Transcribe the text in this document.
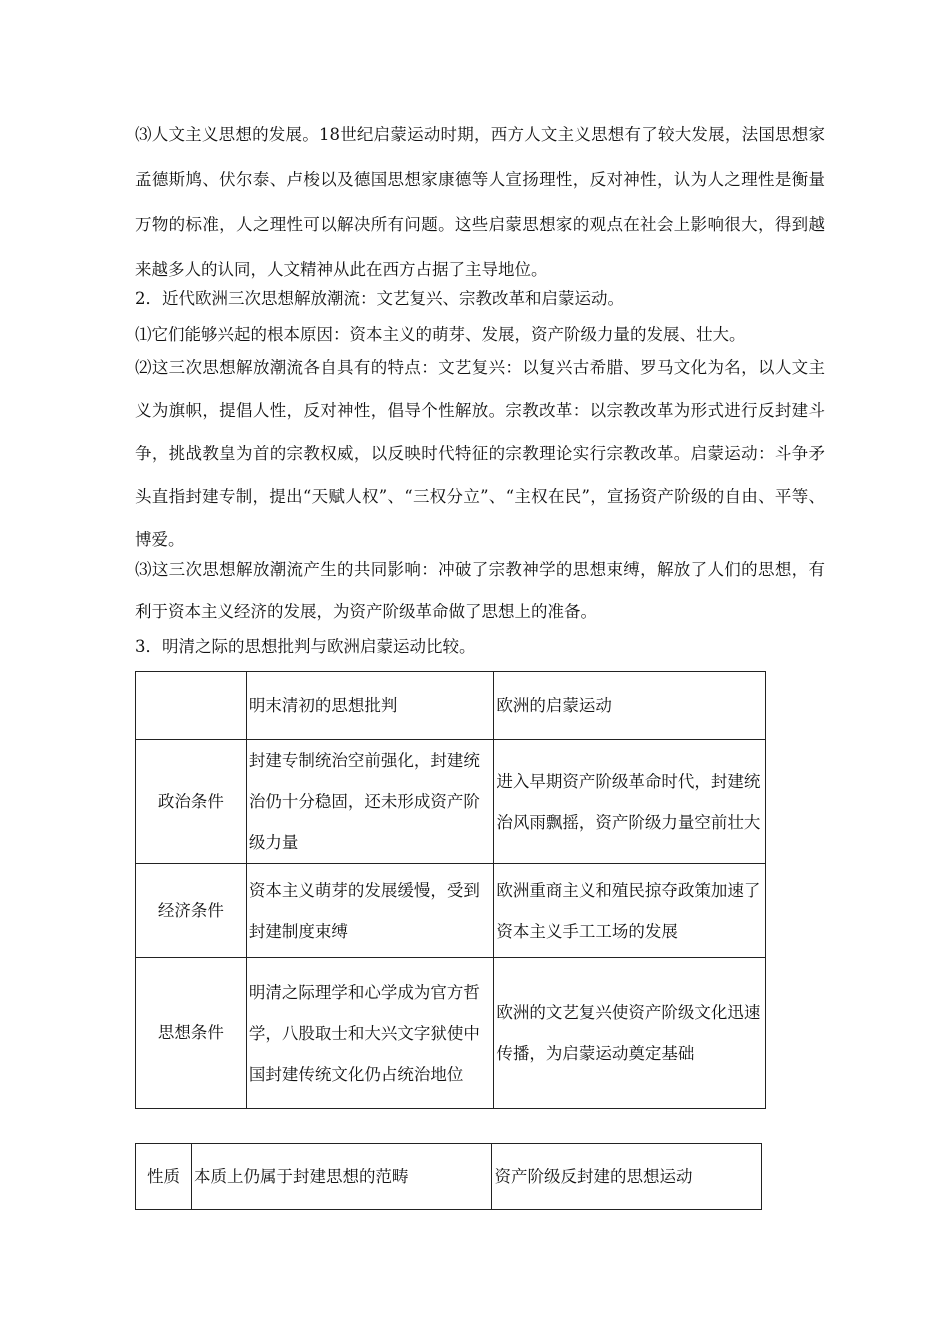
⑶人文主义思想的发展。18世纪启蒙运动时期，西方人文主义思想有了较大发展，法国思想家孟德斯鸠、伏尔泰、卢梭以及德国思想家康德等人宣扬理性，反对神性，认为人之理性是衡量万物的标准，人之理性可以解决所有问题。这些启蒙思想家的观点在社会上影响很大，得到越来越多人的认同，人文精神从此在西方占据了主导地位。

2．近代欧洲三次思想解放潮流：文艺复兴、宗教改革和启蒙运动。

⑴它们能够兴起的根本原因：资本主义的萌芽、发展，资产阶级力量的发展、壮大。

⑵这三次思想解放潮流各自具有的特点：文艺复兴：以复兴古希腊、罗马文化为名，以人文主义为旗帜，提倡人性，反对神性，倡导个性解放。宗教改革：以宗教改革为形式进行反封建斗争，挑战教皇为首的宗教权威，以反映时代特征的宗教理论实行宗教改革。启蒙运动：斗争矛头直指封建专制，提出“天赋人权”、“三权分立”、“主权在民”，宣扬资产阶级的自由、平等、博爱。

⑶这三次思想解放潮流产生的共同影响：冲破了宗教神学的思想束缚，解放了人们的思想，有利于资本主义经济的发展，为资产阶级革命做了思想上的准备。

3．明清之际的思想批判与欧洲启蒙运动比较。

	明末清初的思想批判	欧洲的启蒙运动
政治条件	封建专制统治空前强化，封建统治仍十分稳固，还未形成资产阶级力量	进入早期资产阶级革命时代，封建统治风雨飘摇，资产阶级力量空前壮大

经济条件	资本主义萌芽的发展缓慢，受到封建制度束缚	欧洲重商主义和殖民掠夺政策加速了资本主义手工工场的发展

思想条件	明清之际理学和心学成为官方哲学，八股取士和大兴文字狱使中国封建传统文化仍占统治地位	欧洲的文艺复兴使资产阶级文化迅速传播，为启蒙运动奠定基础
性质	本质上仍属于封建思想的范畴	资产阶级反封建的思想运动
